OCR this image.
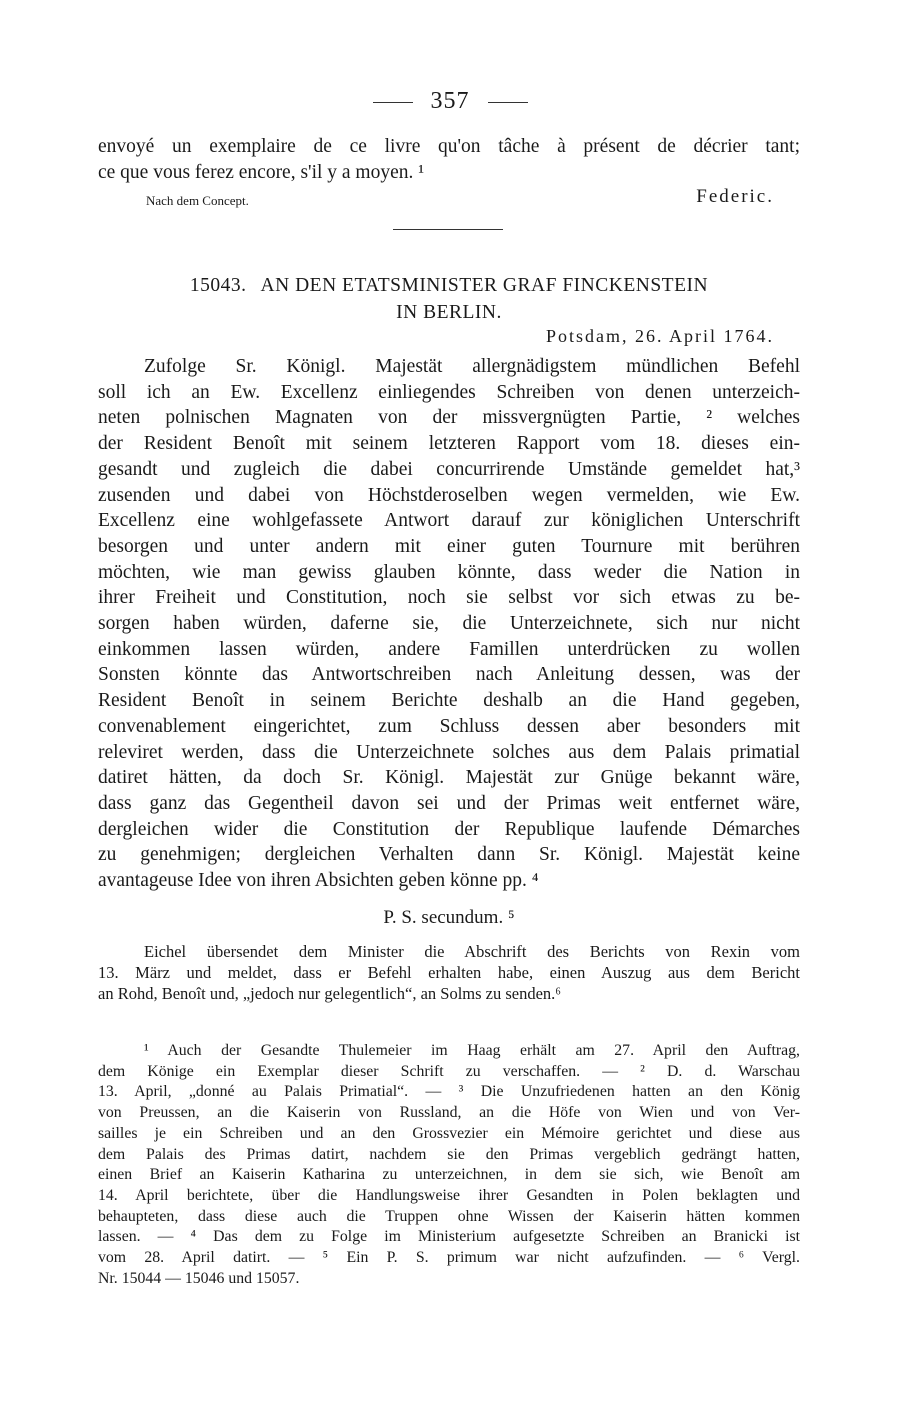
357
envoyé un exemplaire de ce livre qu'on tâche à présent de décrier tant;
ce que vous ferez encore, s'il y a moyen. ¹
Nach dem Concept.	Federic.
15043. AN DEN ETATSMINISTER GRAF FINCKENSTEIN
IN BERLIN.
Potsdam, 26. April 1764.
Zufolge Sr. Königl. Majestät allergnädigstem mündlichen Befehl
soll ich an Ew. Excellenz einliegendes Schreiben von denen unterzeich-
neten polnischen Magnaten von der missvergnügten Partie, ² welches
der Resident Benoît mit seinem letzteren Rapport vom 18. dieses ein-
gesandt und zugleich die dabei concurrirende Umstände gemeldet hat,³
zusenden und dabei von Höchstderoselben wegen vermelden, wie Ew.
Excellenz eine wohlgefassete Antwort darauf zur königlichen Unterschrift
besorgen und unter andern mit einer guten Tournure mit berühren
möchten, wie man gewiss glauben könnte, dass weder die Nation in
ihrer Freiheit und Constitution, noch sie selbst vor sich etwas zu be-
sorgen haben würden, daferne sie, die Unterzeichnete, sich nur nicht
einkommen lassen würden, andere Famillen unterdrücken zu wollen
Sonsten könnte das Antwortschreiben nach Anleitung dessen, was der
Resident Benoît in seinem Berichte deshalb an die Hand gegeben,
convenablement eingerichtet, zum Schluss dessen aber besonders mit
releviret werden, dass die Unterzeichnete solches aus dem Palais primatial
datiret hätten, da doch Sr. Königl. Majestät zur Gnüge bekannt wäre,
dass ganz das Gegentheil davon sei und der Primas weit entfernet wäre,
dergleichen wider die Constitution der Republique laufende Démarches
zu genehmigen; dergleichen Verhalten dann Sr. Königl. Majestät keine
avantageuse Idee von ihren Absichten geben könne pp. ⁴
P. S. secundum. ⁵
Eichel übersendet dem Minister die Abschrift des Berichts von Rexin vom
13. März und meldet, dass er Befehl erhalten habe, einen Auszug aus dem Bericht
an Rohd, Benoît und, „jedoch nur gelegentlich“, an Solms zu senden.⁶
¹ Auch der Gesandte Thulemeier im Haag erhält am 27. April den Auftrag,
dem Könige ein Exemplar dieser Schrift zu verschaffen. — ² D. d. Warschau
13. April, „donné au Palais Primatial“. — ³ Die Unzufriedenen hatten an den König
von Preussen, an die Kaiserin von Russland, an die Höfe von Wien und von Ver-
sailles je ein Schreiben und an den Grossvezier ein Mémoire gerichtet und diese aus
dem Palais des Primas datirt, nachdem sie den Primas vergeblich gedrängt hatten,
einen Brief an Kaiserin Katharina zu unterzeichnen, in dem sie sich, wie Benoît am
14. April berichtete, über die Handlungsweise ihrer Gesandten in Polen beklagten und
behaupteten, dass diese auch die Truppen ohne Wissen der Kaiserin hätten kommen
lassen. — ⁴ Das dem zu Folge im Ministerium aufgesetzte Schreiben an Branicki ist
vom 28. April datirt. — ⁵ Ein P. S. primum war nicht aufzufinden. — ⁶ Vergl.
Nr. 15044 — 15046 und 15057.
